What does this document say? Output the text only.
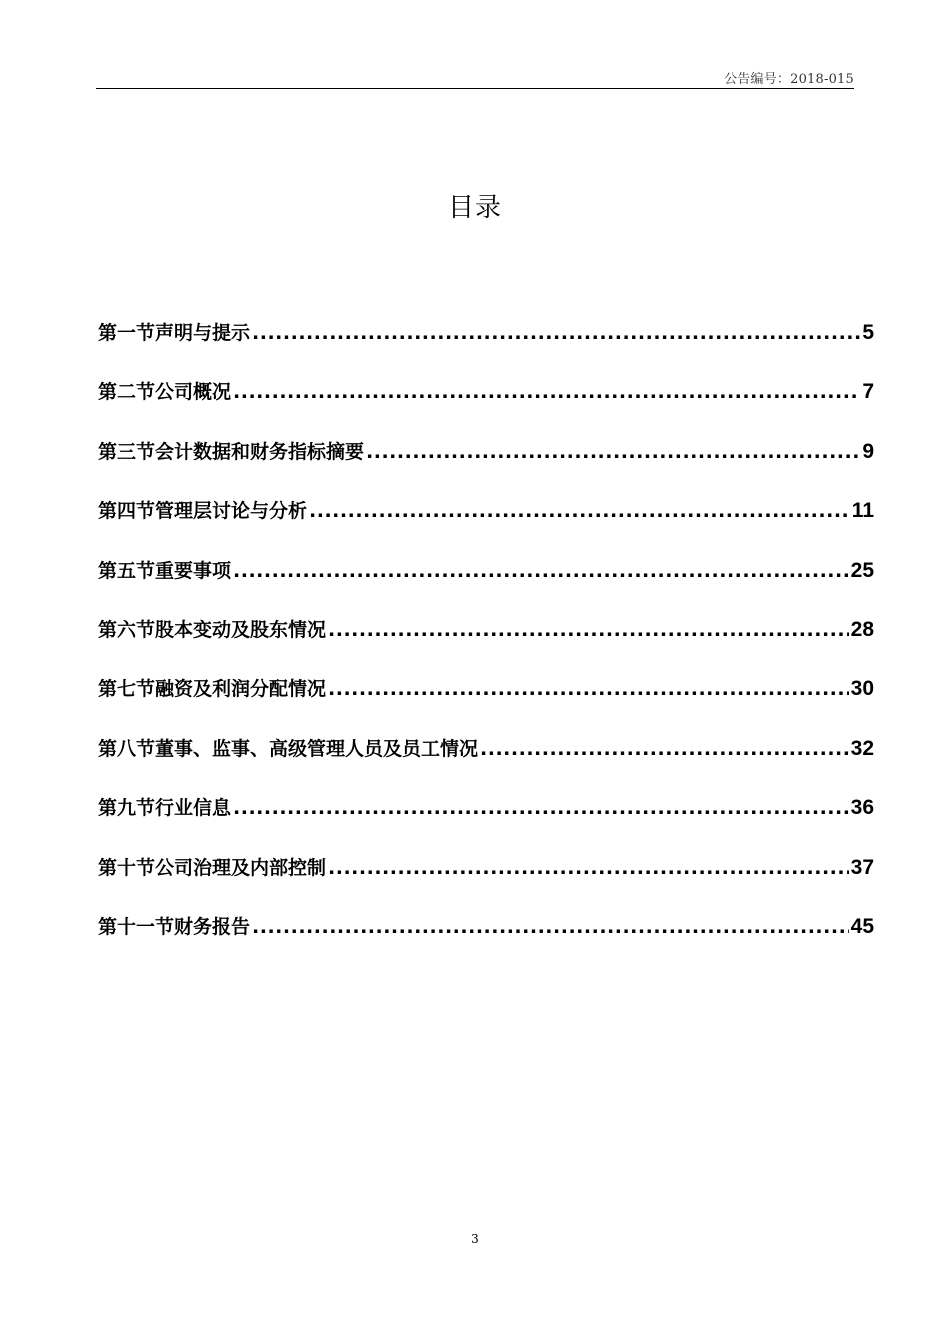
公告编号：2018-015
目录
第一节声明与提示 .....	5
第二节公司概况 .....	7
第三节会计数据和财务指标摘要 .....	9
第四节管理层讨论与分析 .....	11
第五节重要事项 .....	25
第六节股本变动及股东情况 .....	28
第七节融资及利润分配情况 .....	30
第八节董事、监事、高级管理人员及员工情况 .....	32
第九节行业信息 .....	36
第十节公司治理及内部控制 .....	37
第十一节财务报告 .....	45
3
